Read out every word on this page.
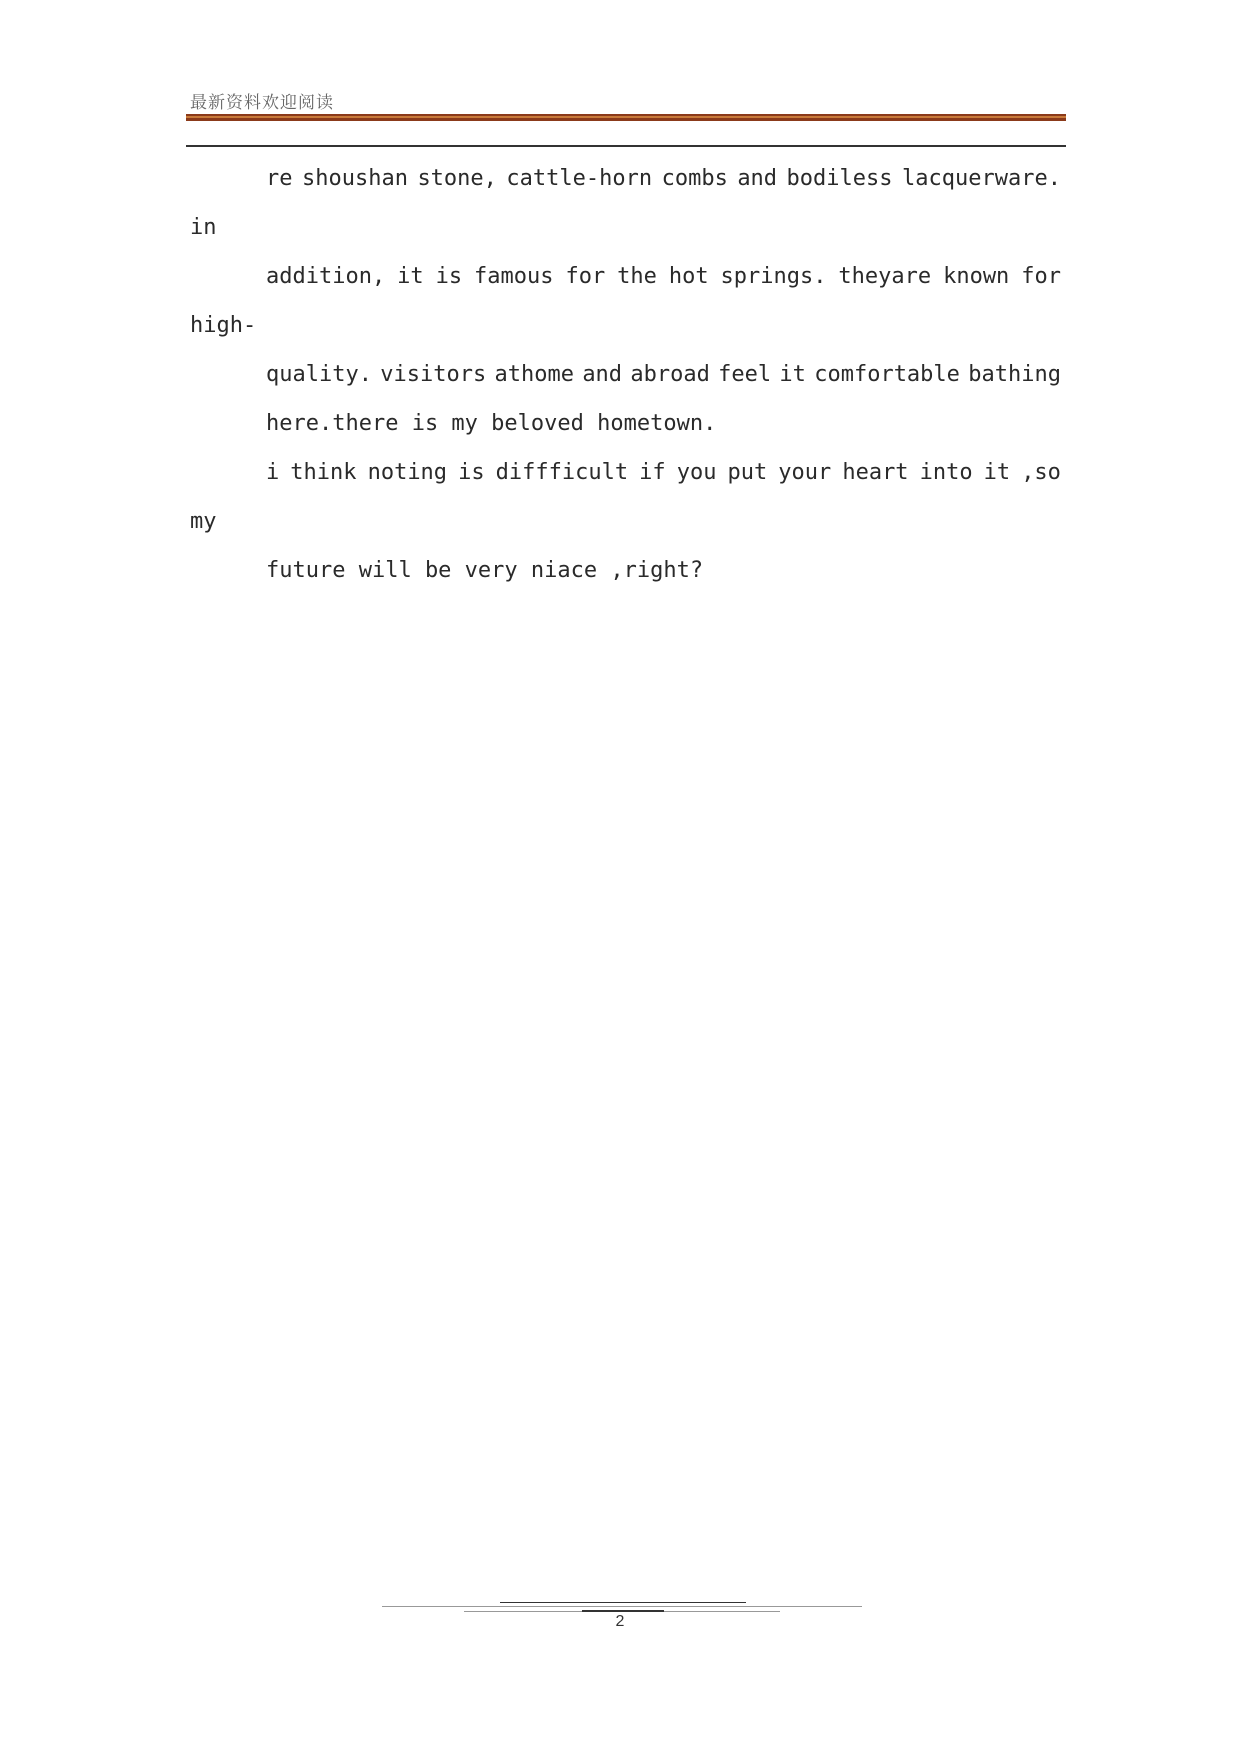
最新资料欢迎阅读
re shoushan stone, cattle-horn combs and bodiless lacquerware.
in
addition, it is famous for the hot springs. theyare known for
high-
quality. visitors athome and abroad feel it comfortable bathing
here.there is my beloved hometown.
i think noting is diffficult if you put your heart into it ,so
my
future will be very niace ,right?
2
